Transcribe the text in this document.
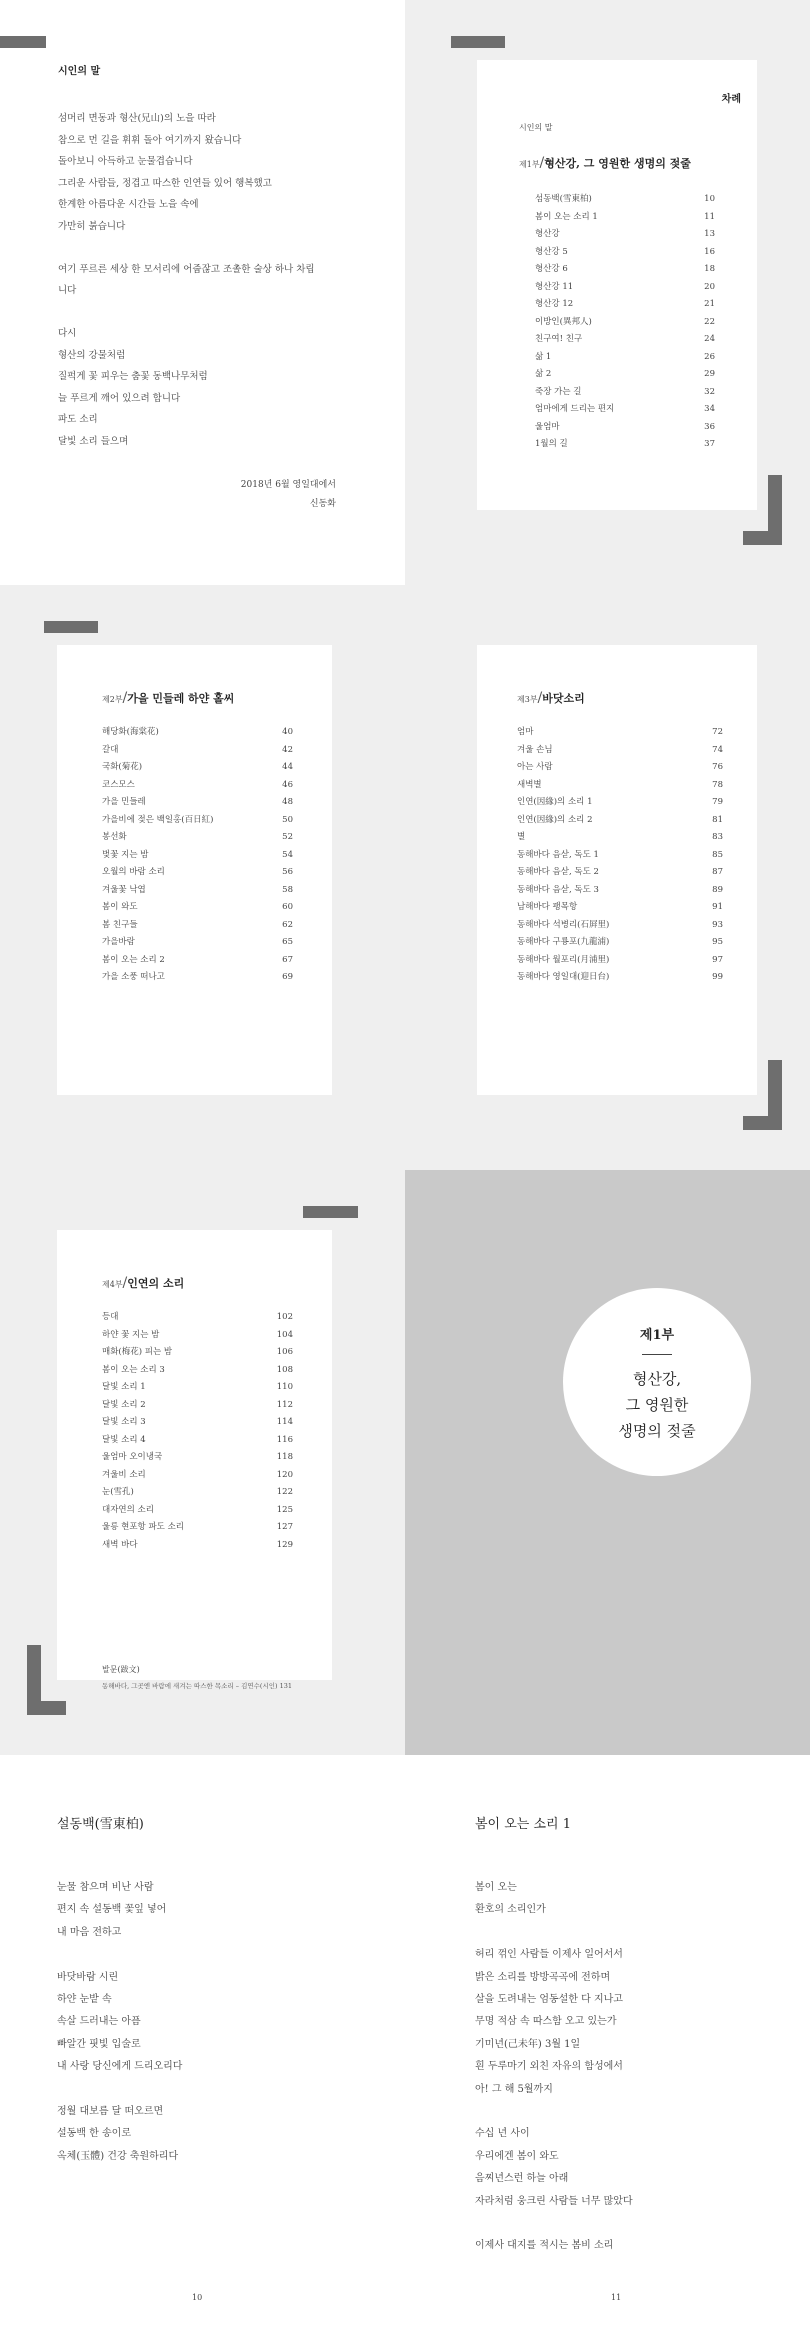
시인의 말
섬머리 면동과 형산(兄山)의 노을 따라
참으로 먼 길을 휘휘 돌아 여기까지 왔습니다
돌아보니 아득하고 눈물겹습니다
그리운 사람들, 정겹고 따스한 인연들 있어 행복했고
한계한 아름다운 시간들 노을 속에
가만히 붉습니다
여기 푸르른 세상 한 모서리에 어줍잖고 조촐한 술상 하나 차립
니다
다시
형산의 강물처럼
질퍽게 꽃 피우는 춤꽃 동백나무처럼
늘 푸르게 깨어 있으려 합니다
파도 소리
달빛 소리 들으며
2018년 6월 영일대에서
신동화
차례
시인의 말
제1부/형산강, 그 영원한 생명의 젖줄
섬동백(雪東柏)	10
봄이 오는 소리 1	11
형산강	13
형산강 5	16
형산강 6	18
형산강 11	20
형산강 12	21
이방인(異邦人)	22
친구여! 친구	24
삶 1	26
삶 2	29
죽장 가는 길	32
엄마에게 드리는 편지	34
울엄마	36
1월의 길	37
제2부/가을 민들레 하얀 홀씨
해당화(海棠花)	40
갈대	42
국화(菊花)	44
코스모스	46
가을 민들레	48
가을비에 젖은 백일홍(百日紅)	50
봉선화	52
벚꽃 지는 밤	54
오월의 바람 소리	56
겨울꽃 낙엽	58
봄이 와도	60
봄 친구들	62
가을바람	65
봄이 오는 소리 2	67
가을 소풍 떠나고	69
제3부/바닷소리
엄마	72
겨울 손님	74
아는 사람	76
새벽별	78
인연(因緣)의 소리 1	79
인연(因緣)의 소리 2	81
별	83
동해바다 음삳, 독도 1	85
동해바다 음삳, 독도 2	87
동해바다 음삳, 독도 3	89
남해바다 팽목항	91
동해바다 석병리(石屛里)	93
동해바다 구룡포(九龍浦)	95
동해바다 월포리(月浦里)	97
동해바다 영일대(迎日台)	99
제4부/인연의 소리
등대	102
하얀 꽃 지는 밤	104
매화(梅花) 피는 밤	106
봄이 오는 소리 3	108
달빛 소리 1	110
달빛 소리 2	112
달빛 소리 3	114
달빛 소리 4	116
울엄마 오이냉국	118
겨울비 소리	120
눈(雪孔)	122
대자연의 소리	125
울릉 현포항 파도 소리	127
새벽 바다	129
발문(跋文)
동해바다, 그곳엔 바람에 새겨는 따스한 목소리 – 김연수(시인) 131
제1부
형산강,
그 영원한
생명의 젖줄
설동백(雪東柏)
눈물 참으며 비난 사람
편지 속 설동백 꽃잎 넣어
내 마음 전하고
바닷바람 시린
하얀 눈밭 속
속살 드러내는 아픔
빠알간 핏빛 입술로
내 사랑 당신에게 드리오리다
정월 대보름 달 떠오르면
설동백 한 송이로
옥체(玉體) 건강 축원하리다
10
봄이 오는 소리 1
봄이 오는
환호의 소리인가
허리 꺾인 사람들 이제사 일어서서
밝은 소리를 방방곡곡에 전하며
살을 도려내는 엄동설한 다 지나고
무명 적삼 속 따스함 오고 있는가
기미년(己未年) 3월 1일
흰 두루마기 외친 자유의 함성에서
아! 그 해 5월까지
수십 년 사이
우리에겐 봄이 와도
음찌년스런 하늘 아래
자라처럼 웅크린 사람들 너무 많았다
이제사 대지를 적시는 봄비 소리
11
